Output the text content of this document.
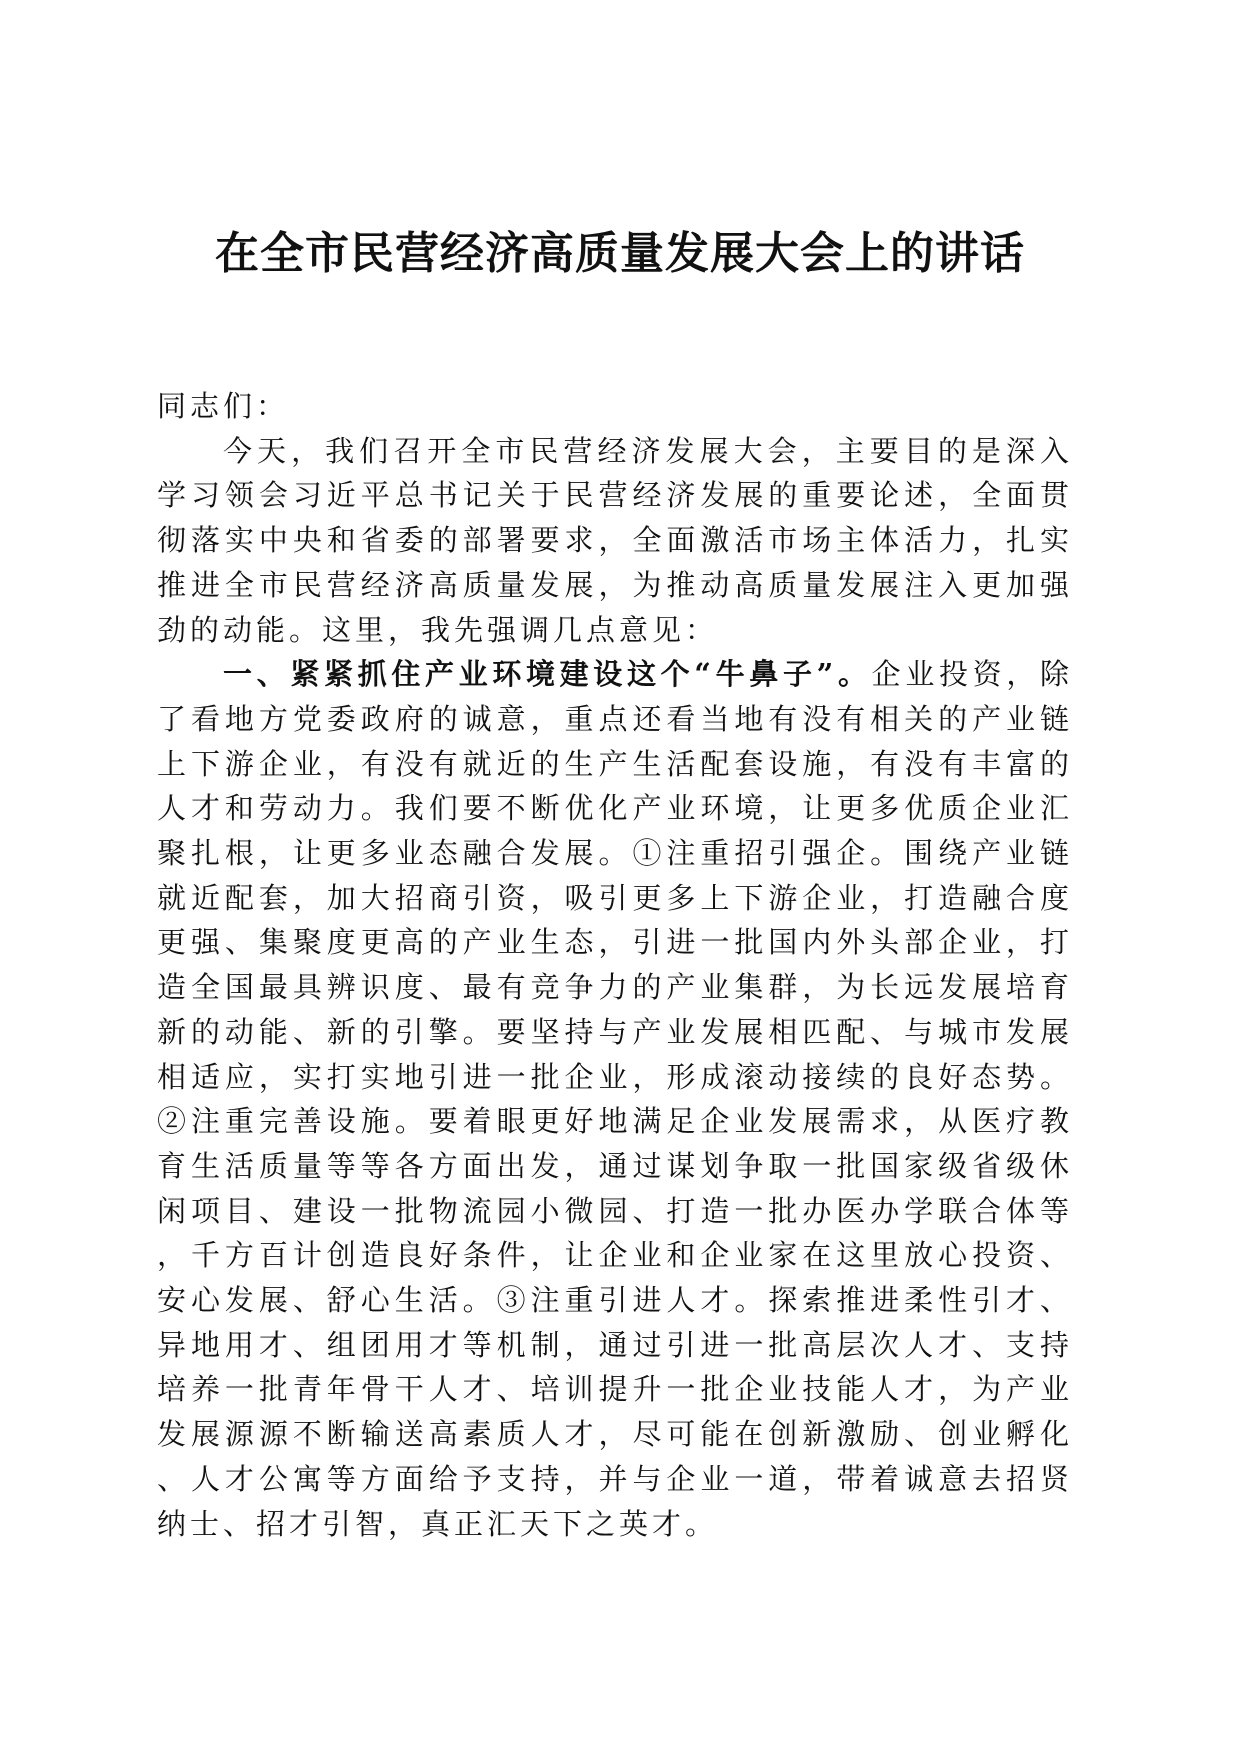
在全市民营经济高质量发展大会上的讲话

同志们：

今天，我们召开全市民营经济发展大会，主要目的是深入学习领会习近平总书记关于民营经济发展的重要论述，全面贯彻落实中央和省委的部署要求，全面激活市场主体活力，扎实推进全市民营经济高质量发展，为推动高质量发展注入更加强劲的动能。这里，我先强调几点意见：

一、紧紧抓住产业环境建设这个“牛鼻子”。企业投资，除了看地方党委政府的诚意，重点还看当地有没有相关的产业链上下游企业，有没有就近的生产生活配套设施，有没有丰富的人才和劳动力。我们要不断优化产业环境，让更多优质企业汇聚扎根，让更多业态融合发展。①注重招引强企。围绕产业链就近配套，加大招商引资，吸引更多上下游企业，打造融合度更强、集聚度更高的产业生态，引进一批国内外头部企业，打造全国最具辨识度、最有竞争力的产业集群，为长远发展培育新的动能、新的引擎。要坚持与产业发展相匹配、与城市发展相适应，实打实地引进一批企业，形成滚动接续的良好态势。②注重完善设施。要着眼更好地满足企业发展需求，从医疗教育生活质量等等各方面出发，通过谋划争取一批国家级省级休闲项目、建设一批物流园小微园、打造一批办医办学联合体等，千方百计创造良好条件，让企业和企业家在这里放心投资、安心发展、舒心生活。③注重引进人才。探索推进柔性引才、异地用才、组团用才等机制，通过引进一批高层次人才、支持培养一批青年骨干人才、培训提升一批企业技能人才，为产业发展源源不断输送高素质人才，尽可能在创新激励、创业孵化、人才公寓等方面给予支持，并与企业一道，带着诚意去招贤纳士、招才引智，真正汇天下之英才。
